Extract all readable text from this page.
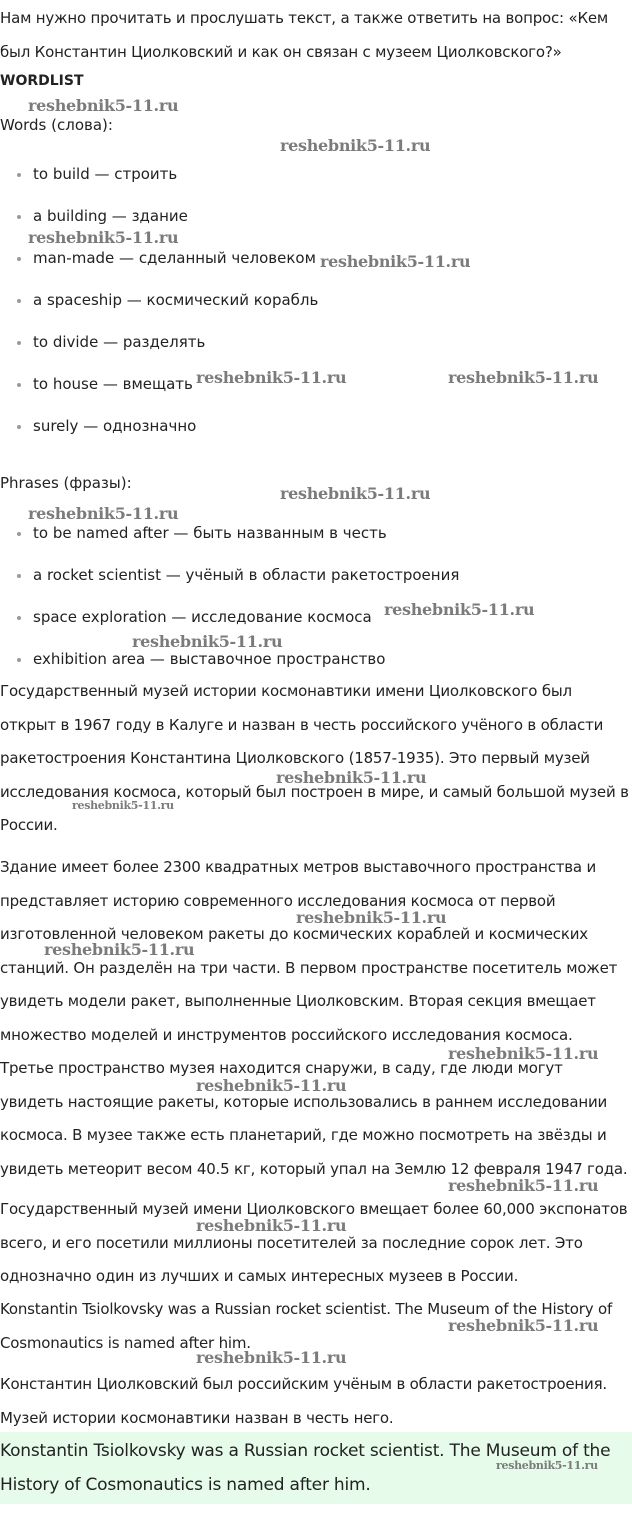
Нам нужно прочитать и прослушать текст, а также ответить на вопрос: «Кем был Константин Циолковский и как он связан с музеем Циолковского?»

WORDLIST
Words (слова):
to build — строить
a building — здание
man-made — сделанный человеком
a spaceship — космический корабль
to divide — разделять
to house — вмещать
surely — однозначно
Phrases (фразы):
to be named after — быть названным в честь
a rocket scientist — учёный в области ракетостроения
space exploration — исследование космоса
exhibition area — выставочное пространство

Государственный музей истории космонавтики имени Циолковского был открыт в 1967 году в Калуге и назван в честь российского учёного в области ракетостроения Константина Циолковского (1857-1935). Это первый музей исследования космоса, который был построен в мире, и самый большой музей в России.

Здание имеет более 2300 квадратных метров выставочного пространства и представляет историю современного исследования космоса от первой изготовленной человеком ракеты до космических кораблей и космических станций. Он разделён на три части. В первом пространстве посетитель может увидеть модели ракет, выполненные Циолковским. Вторая секция вмещает множество моделей и инструментов российского исследования космоса. Третье пространство музея находится снаружи, в саду, где люди могут увидеть настоящие ракеты, которые использовались в раннем исследовании космоса. В музее также есть планетарий, где можно посмотреть на звёзды и увидеть метеорит весом 40.5 кг, который упал на Землю 12 февраля 1947 года.

Государственный музей имени Циолковского вмещает более 60,000 экспонатов всего, и его посетили миллионы посетителей за последние сорок лет. Это однозначно один из лучших и самых интересных музеев в России.

Konstantin Tsiolkovsky was a Russian rocket scientist. The Museum of the History of Cosmonautics is named after him.

Константин Циолковский был российским учёным в области ракетостроения. Музей истории космонавтики назван в честь него.

Konstantin Tsiolkovsky was a Russian rocket scientist. The Museum of the History of Cosmonautics is named after him.

reshebnik5-11.ru
reshebnik5-11.ru
reshebnik5-11.ru
reshebnik5-11.ru
reshebnik5-11.ru	reshebnik5-11.ru
reshebnik5-11.ru
reshebnik5-11.ru
reshebnik5-11.ru
reshebnik5-11.ru
reshebnik5-11.ru
reshebnik5-11.ru
reshebnik5-11.ru
reshebnik5-11.ru
reshebnik5-11.ru
reshebnik5-11.ru
reshebnik5-11.ru
reshebnik5-11.ru
reshebnik5-11.ru
reshebnik5-11.ru
reshebnik5-11.ru
